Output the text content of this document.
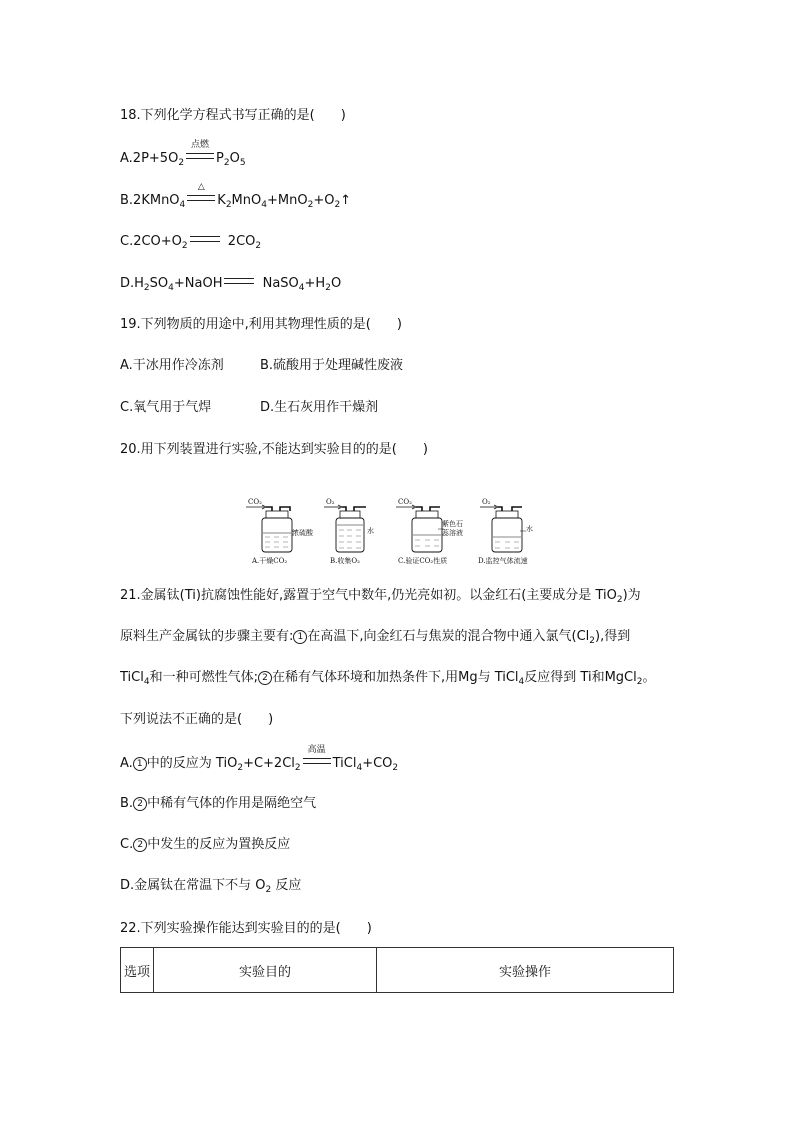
18.下列化学方程式书写正确的是(　　)
$A.2P+5O_2$
点燃
$P_2O_5$
B.2KMnO$_4$
△
$K_2MnO_4+MnO_2+O_2↑$
$C.2CO+O_2$	$2CO_2$
$D.H_2SO_4+NaOH$	$NaSO_4+H_2O$
19.下列物质的用途中,利用其物理性质的是(　　)
A.干冰用作冷冻剂	B.硫酸用于处理碱性废液
C.氧气用于气焊	D.生石灰用作干燥剂
20.用下列装置进行实验,不能达到实验目的的是(　　)
CO₂
浓硫酸
A.干燥CO₂
O₂
水
B.收集O₂
CO₂
紫色石
蕊溶液
C.验证CO₂性质
O₂
水
D.监控气体流速
21.金属钛(Ti)抗腐蚀性能好,露置于空气中数年,仍光亮如初。以金红石(主要成分是 TiO$_2$)为
原料生产金属钛的步骤主要有: 1 在高温下,向金红石与焦炭的混合物中通入氯气$(Cl_2)$,得到
TiCl$_4$和一种可燃性气体; 2 在稀有气体环境和加热条件下,用Mg与 TiCl$_4$反应得到 Ti和MgCl$_2$。
下列说法不正确的是(　　)
A. 1 中的反应为 $TiO_2+C+2Cl_2$
高温
$TiCl_4+CO_2$
B. 2 中稀有气体的作用是隔绝空气
C. 2 中发生的反应为置换反应
D.金属钛在常温下不与 $O_2$ 反应
22.下列实验操作能达到实验目的的是(　　)
选项	实验目的	实验操作
